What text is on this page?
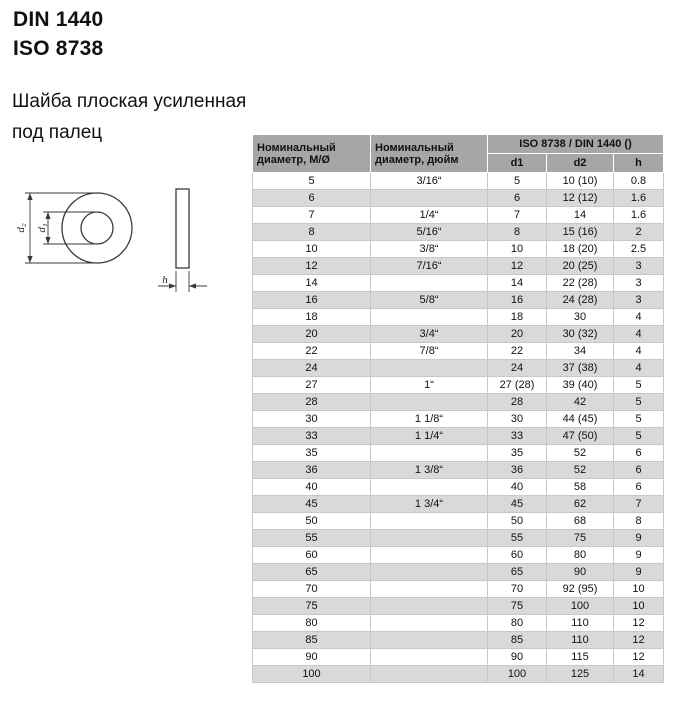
DIN 1440
ISO 8738
Шайба плоская усиленная
под палец
d₂ d₁
h
Номинальный диаметр, М/Ø	Номинальный диаметр, дюйм	ISO 8738 / DIN 1440 ()		
		d1	d2	h
5	3/16“	5	10 (10)	0.8
6		6	12 (12)	1.6
7	1/4“	7	14	1.6
8	5/16“	8	15 (16)	2
10	3/8“	10	18 (20)	2.5
12	7/16“	12	20 (25)	3
14		14	22 (28)	3
16	5/8“	16	24 (28)	3
18		18	30	4
20	3/4“	20	30 (32)	4
22	7/8“	22	34	4
24		24	37 (38)	4
27	1“	27 (28)	39 (40)	5
28		28	42	5
30	1 1/8“	30	44 (45)	5
33	1 1/4“	33	47 (50)	5
35		35	52	6
36	1 3/8“	36	52	6
40		40	58	6
45	1 3/4“	45	62	7
50		50	68	8
55		55	75	9
60		60	80	9
65		65	90	9
70		70	92 (95)	10
75		75	100	10
80		80	110	12
85		85	110	12
90		90	115	12
100		100	125	14
